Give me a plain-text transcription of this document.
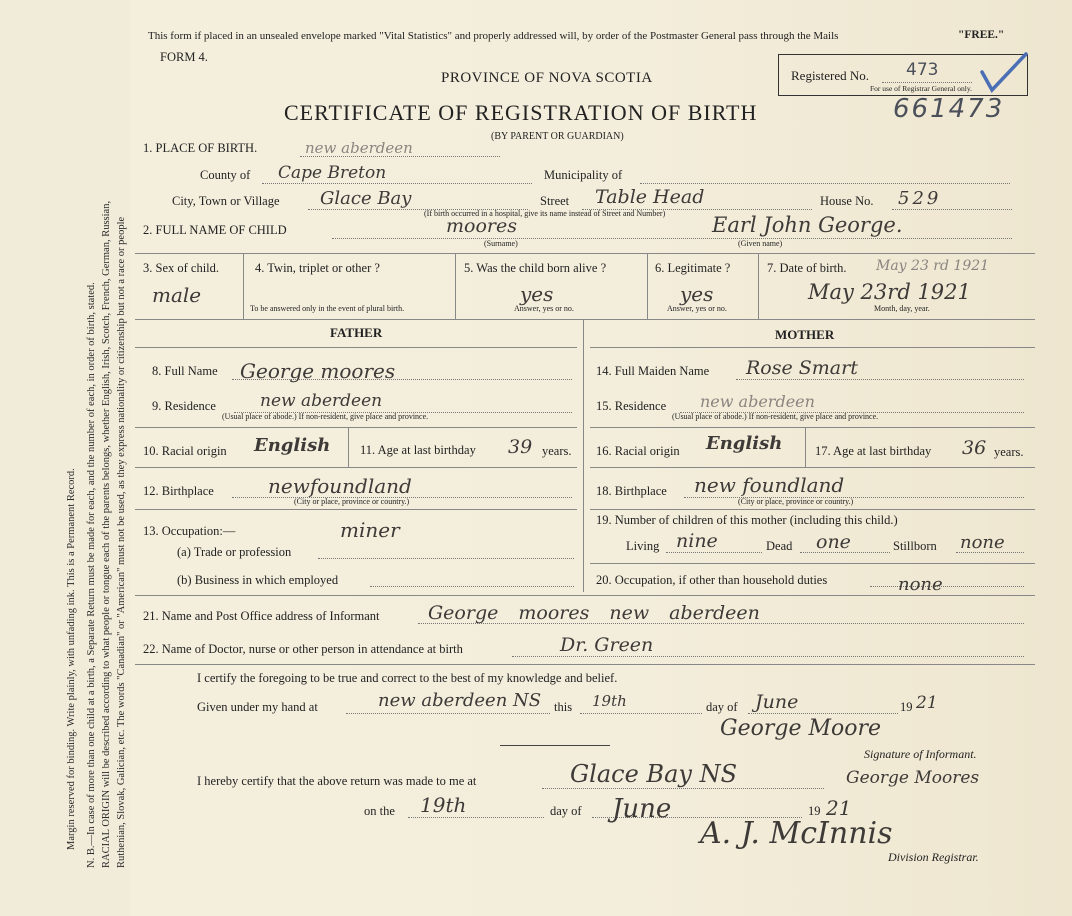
Margin reserved for binding. Write plainly, with unfading ink. This is a Permanent Record. N. B.—In case of more than one child at a birth, a Separate Return must be made for each, and the number of each, in order of birth, stated. RACIAL ORIGIN will be described according to what people or tongue each of the parents belongs, whether English, Irish, Scotch, French, German, Russian, Ruthenian, Slovak, Galician, etc. The words "Canadian" or "American" must not be used, as they express nationality or citizenship but not a race or people
This form if placed in an unsealed envelope marked "Vital Statistics" and properly addressed will, by order of the Postmaster General pass through the Mails	"FREE."
FORM 4.
PROVINCE OF NOVA SCOTIA
CERTIFICATE OF REGISTRATION OF BIRTH
(BY PARENT OR GUARDIAN)
Registered No. 473
For use of Registrar General only.
661473
1. PLACE OF BIRTH.	new aberdeen
County of Cape Breton	Municipality of
City, Town or Village Glace Bay	Street Table Head	House No. 529
(If birth occurred in a hospital, give its name instead of Street and Number)
2. FULL NAME OF CHILD	moores
(Surname)
Earl John George.
(Given name)
3. Sex of child.
male
4. Twin, triplet or other ?
To be answered only in the event of plural birth.
5. Was the child born alive ?
yes
Answer, yes or no.
6. Legitimate ?
yes
Answer, yes or no.
7. Date of birth. May 23 rd 1921
May 23rd 1921
Month, day, year.
FATHER	MOTHER
8. Full Name George moores
9. Residence	new aberdeen
(Usual place of abode.) If non-resident, give place and province.
10. Racial origin English 11. Age at last birthday 39 years.
12. Birthplace	newfoundland
(City or place, province or country.)
13. Occupation:—	miner
(a) Trade or profession
(b) Business in which employed
14. Full Maiden Name Rose Smart
15. Residence new aberdeen
(Usual place of abode.) If non-resident, give place and province.
16. Racial origin English	17. Age at last birthday 36 years.
18. Birthplace new foundland
(City or place, province or country.)
19. Number of children of this mother (including this child.)
Living nine	Dead one	Stillborn none
20. Occupation, if other than household duties	none
21. Name and Post Office address of Informant	George moores new aberdeen
22. Name of Doctor, nurse or other person in attendance at birth	Dr. Green
I certify the foregoing to be true and correct to the best of my knowledge and belief.
Given under my hand at	new aberdeen NS this 19th	day of June	19 21
George Moore
Signature of Informant.
I hereby certify that the above return was made to me at	Glace Bay NS	George Moores
on the 19th	day of June	19 21
A. J. McInnis
Division Registrar.
